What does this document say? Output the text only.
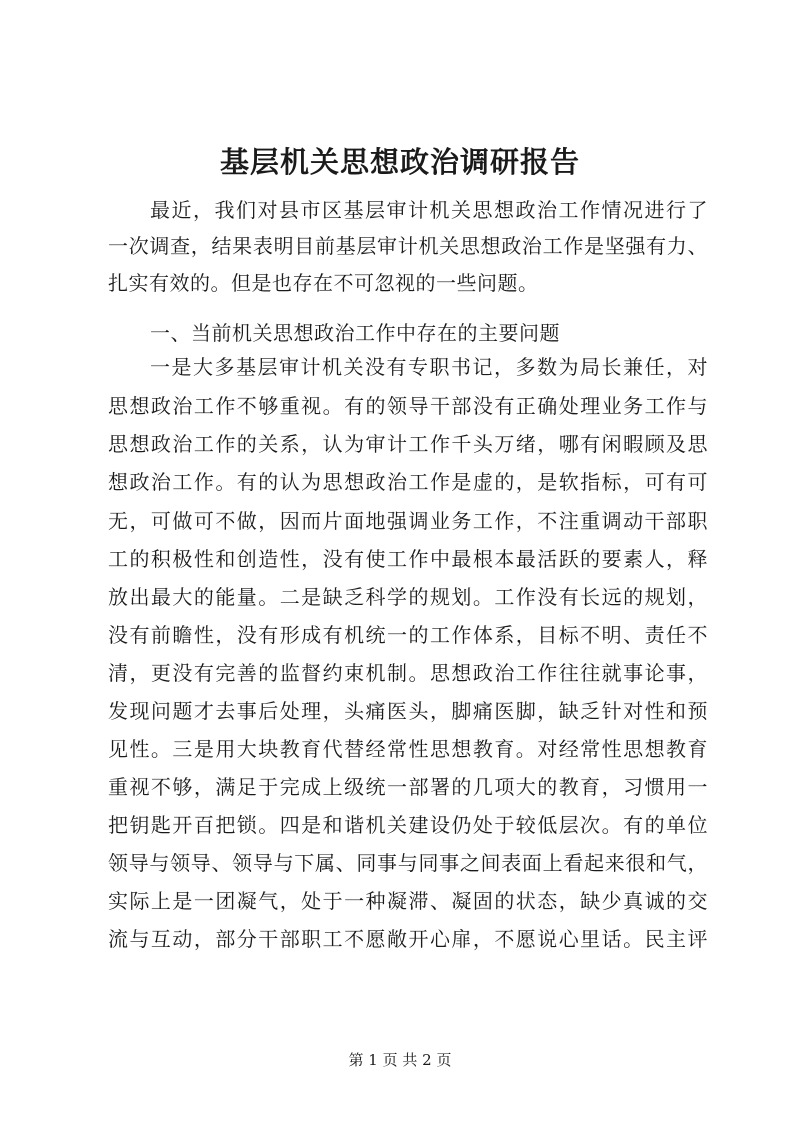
基层机关思想政治调研报告
最近，我们对县市区基层审计机关思想政治工作情况进行了
一次调查，结果表明目前基层审计机关思想政治工作是坚强有力、
扎实有效的。但是也存在不可忽视的一些问题。
一、当前机关思想政治工作中存在的主要问题
一是大多基层审计机关没有专职书记，多数为局长兼任，对
思想政治工作不够重视。有的领导干部没有正确处理业务工作与
思想政治工作的关系，认为审计工作千头万绪，哪有闲暇顾及思
想政治工作。有的认为思想政治工作是虚的，是软指标，可有可
无，可做可不做，因而片面地强调业务工作，不注重调动干部职
工的积极性和创造性，没有使工作中最根本最活跃的要素人，释
放出最大的能量。二是缺乏科学的规划。工作没有长远的规划，
没有前瞻性，没有形成有机统一的工作体系，目标不明、责任不
清，更没有完善的监督约束机制。思想政治工作往往就事论事，
发现问题才去事后处理，头痛医头，脚痛医脚，缺乏针对性和预
见性。三是用大块教育代替经常性思想教育。对经常性思想教育
重视不够，满足于完成上级统一部署的几项大的教育，习惯用一
把钥匙开百把锁。四是和谐机关建设仍处于较低层次。有的单位
领导与领导、领导与下属、同事与同事之间表面上看起来很和气，
实际上是一团凝气，处于一种凝滞、凝固的状态，缺少真诚的交
流与互动，部分干部职工不愿敞开心扉，不愿说心里话。民主评
第 1 页 共 2 页
